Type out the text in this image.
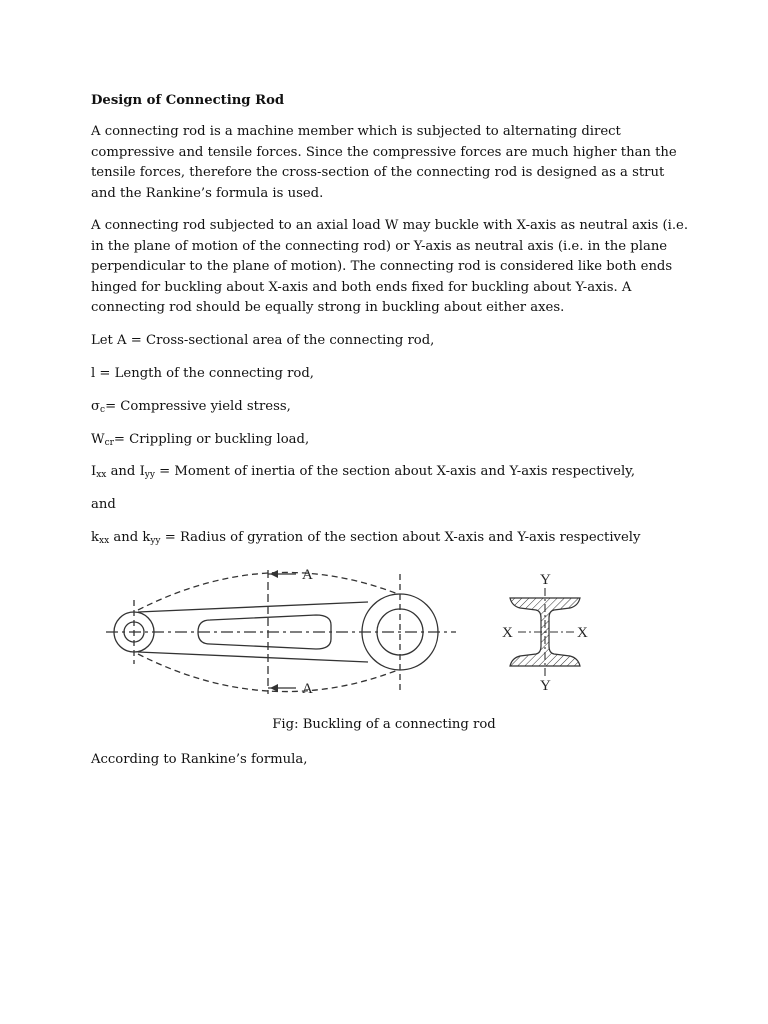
Design of Connecting Rod

A connecting rod is a machine member which is subjected to alternating direct compressive and tensile forces. Since the compressive forces are much higher than the tensile forces, therefore the cross-section of the connecting rod is designed as a strut and the Rankine’s formula is used.

A connecting rod subjected to an axial load W may buckle with X-axis as neutral axis (i.e. in the plane of motion of the connecting rod) or Y-axis as neutral axis (i.e. in the plane perpendicular to the plane of motion). The connecting rod is considered like both ends hinged for buckling about X-axis and both ends fixed for buckling about Y-axis. A connecting rod should be equally strong in buckling about either axes.

Let A = Cross-sectional area of the connecting rod,

l = Length of the connecting rod,

$\sigma_c=$ Compressive yield stress,

$W_{cr}=$ Crippling or buckling load,

$I_{xx}$ and $I_{yy}$ = Moment of inertia of the section about X-axis and Y-axis respectively,

and

$k_{xx}$ and $k_{yy}$ = Radius of gyration of the section about X-axis and Y-axis respectively

A
A
Y
Y
X	X

Fig: Buckling of a connecting rod

According to Rankine’s formula,
